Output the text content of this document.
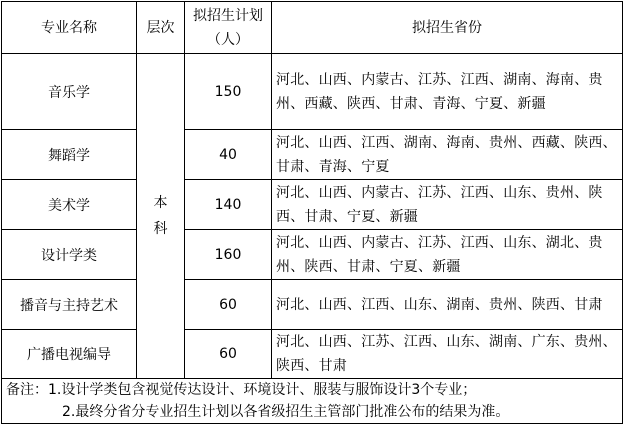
专业名称	层次	拟招生计划（人）	拟招生省份
音乐学	本科	150	河北、山西、内蒙古、江苏、江西、湖南、海南、贵州、西藏、陕西、甘肃、青海、宁夏、新疆
舞蹈学		40	河北、山西、江西、湖南、海南、贵州、西藏、陕西、甘肃、青海、宁夏
美术学		140	河北、山西、内蒙古、江苏、江西、山东、贵州、陕西、甘肃、宁夏、新疆
设计学类		160	河北、山西、内蒙古、江苏、江西、山东、湖北、贵州、陕西、甘肃、宁夏、新疆
播音与主持艺术		60	河北、山西、江西、山东、湖南、贵州、陕西、甘肃
广播电视编导		60	河北、山西、江苏、江西、山东、湖南、广东、贵州、陕西、甘肃

备注：1.设计学类包含视觉传达设计、环境设计、服装与服饰设计3个专业；
2.最终分省分专业招生计划以各省级招生主管部门批准公布的结果为准。			
